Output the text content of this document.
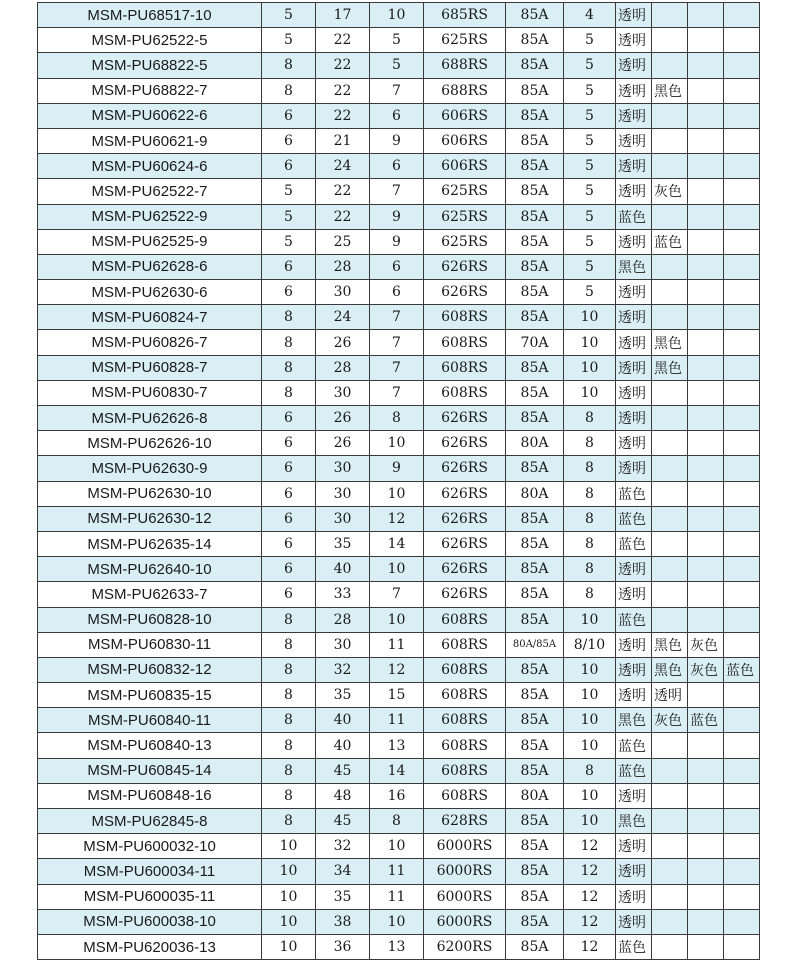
MSM-PU68517-10	5	17	10	685RS	85A	4	透明			
MSM-PU62522-5	5	22	5	625RS	85A	5	透明			
MSM-PU68822-5	8	22	5	688RS	85A	5	透明			
MSM-PU68822-7	8	22	7	688RS	85A	5	透明	黑色		
MSM-PU60622-6	6	22	6	606RS	85A	5	透明			
MSM-PU60621-9	6	21	9	606RS	85A	5	透明			
MSM-PU60624-6	6	24	6	606RS	85A	5	透明			
MSM-PU62522-7	5	22	7	625RS	85A	5	透明	灰色		
MSM-PU62522-9	5	22	9	625RS	85A	5	蓝色			
MSM-PU62525-9	5	25	9	625RS	85A	5	透明	蓝色		
MSM-PU62628-6	6	28	6	626RS	85A	5	黑色			
MSM-PU62630-6	6	30	6	626RS	85A	5	透明			
MSM-PU60824-7	8	24	7	608RS	85A	10	透明			
MSM-PU60826-7	8	26	7	608RS	70A	10	透明	黑色		
MSM-PU60828-7	8	28	7	608RS	85A	10	透明	黑色		
MSM-PU60830-7	8	30	7	608RS	85A	10	透明			
MSM-PU62626-8	6	26	8	626RS	85A	8	透明			
MSM-PU62626-10	6	26	10	626RS	80A	8	透明			
MSM-PU62630-9	6	30	9	626RS	85A	8	透明			
MSM-PU62630-10	6	30	10	626RS	80A	8	蓝色			
MSM-PU62630-12	6	30	12	626RS	85A	8	蓝色			
MSM-PU62635-14	6	35	14	626RS	85A	8	蓝色			
MSM-PU62640-10	6	40	10	626RS	85A	8	透明			
MSM-PU62633-7	6	33	7	626RS	85A	8	透明			
MSM-PU60828-10	8	28	10	608RS	85A	10	蓝色			
MSM-PU60830-11	8	30	11	608RS	80A/85A	8/10	透明	黑色	灰色	
MSM-PU60832-12	8	32	12	608RS	85A	10	透明	黑色	灰色	蓝色
MSM-PU60835-15	8	35	15	608RS	85A	10	透明	透明		
MSM-PU60840-11	8	40	11	608RS	85A	10	黑色	灰色	蓝色	
MSM-PU60840-13	8	40	13	608RS	85A	10	蓝色			
MSM-PU60845-14	8	45	14	608RS	85A	8	蓝色			
MSM-PU60848-16	8	48	16	608RS	80A	10	透明			
MSM-PU62845-8	8	45	8	628RS	85A	10	黑色			
MSM-PU600032-10	10	32	10	6000RS	85A	12	透明			
MSM-PU600034-11	10	34	11	6000RS	85A	12	透明			
MSM-PU600035-11	10	35	11	6000RS	85A	12	透明			
MSM-PU600038-10	10	38	10	6000RS	85A	12	透明			
MSM-PU620036-13	10	36	13	6200RS	85A	12	蓝色			
